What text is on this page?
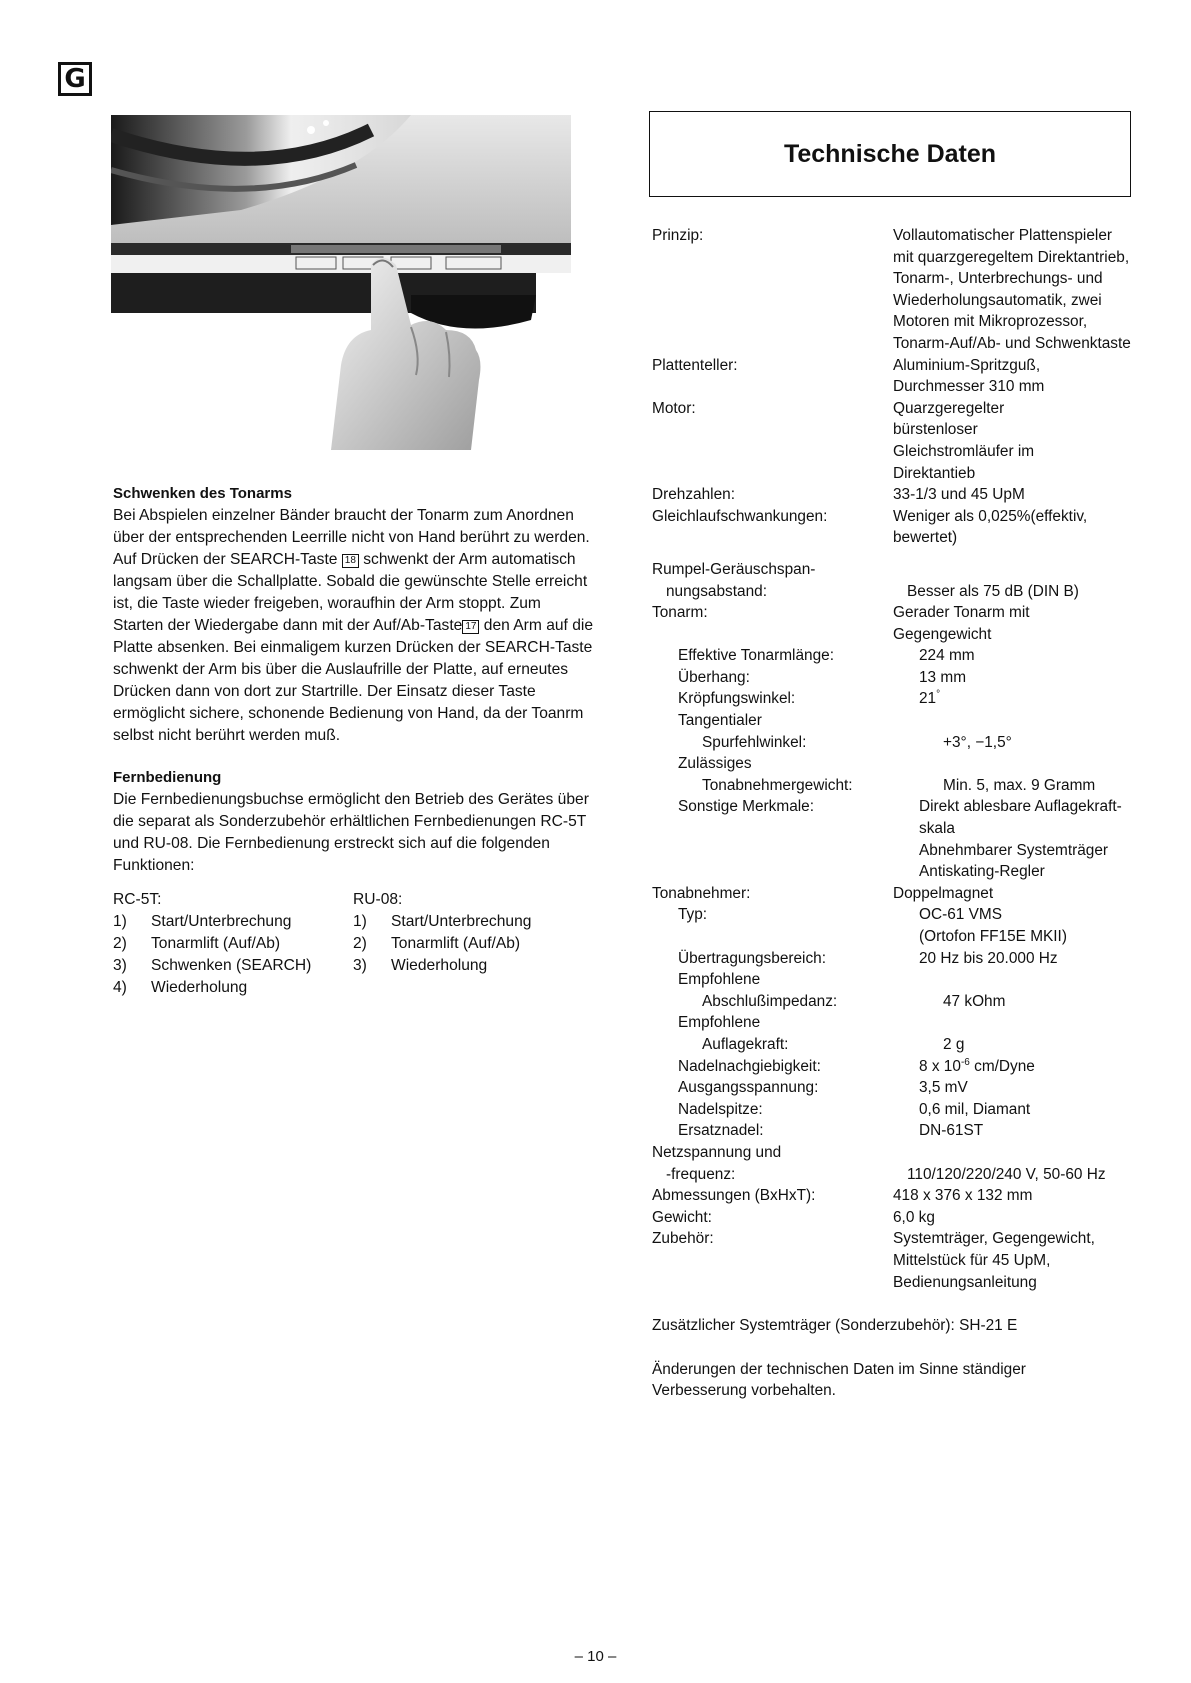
G
Schwenken des Tonarms

Bei Abspielen einzelner Bänder braucht der Tonarm zum Anordnen über der entsprechenden Leerrille nicht von Hand berührt zu werden. Auf Drücken der SEARCH-Taste 18 schwenkt der Arm automatisch langsam über die Schallplatte. Sobald die gewünschte Stelle erreicht ist, die Taste wieder freigeben, woraufhin der Arm stoppt. Zum Starten der Wiedergabe dann mit der Auf/Ab-Taste 17 den Arm auf die Platte absenken. Bei einmaligem kurzen Drücken der SEARCH-Taste schwenkt der Arm bis über die Auslaufrille der Platte, auf erneutes Drücken dann von dort zur Startrille. Der Einsatz dieser Taste ermöglicht sichere, schonende Bedienung von Hand, da der Toanrm selbst nicht berührt werden muß.

Fernbedienung

Die Fernbedienungsbuchse ermöglicht den Betrieb des Gerätes über die separat als Sonderzubehör erhältlichen Fernbedienungen RC-5T und RU-08. Die Fernbedienung erstreckt sich auf die folgenden Funktionen:

RC-5T:
1)	Start/Unterbrechung
2)	Tonarmlift (Auf/Ab)
3)	Schwenken (SEARCH)
4)	Wiederholung
RU-08:
1)	Start/Unterbrechung
2)	Tonarmlift (Auf/Ab)
3)	Wiederholung
Technische Daten
Prinzip:	Vollautomatischer Plattenspieler
mit quarzgeregeltem Direktantrieb,
Tonarm-, Unterbrechungs- und
Wiederholungsautomatik, zwei
Motoren mit Mikroprozessor,
Tonarm-Auf/Ab- und Schwenktaste
Plattenteller:	Aluminium-Spritzguß,
Durchmesser 310 mm
Motor:	Quarzgeregelter
bürstenloser
Gleichstromläufer im
Direktantieb
Drehzahlen:	33-1/3 und 45 UpM
Gleichlaufschwankungen:	Weniger als 0,025%(effektiv,
bewertet)
Rumpel-Geräuschspan-
nungsabstand:	Besser als 75 dB (DIN B)
Tonarm:	Gerader Tonarm mit
Gegengewicht
Effektive Tonarmlänge:	224 mm
Überhang:	13 mm
Kröpfungswinkel:	21°
Tangentialer
Spurfehlwinkel:	+3°, −1,5°
Zulässiges
Tonabnehmergewicht:	Min. 5, max. 9 Gramm
Sonstige Merkmale:	Direkt ablesbare Auflagekraft-
skala
Abnehmbarer Systemträger
Antiskating-Regler
Tonabnehmer:	Doppelmagnet
Typ:	OC-61 VMS
(Ortofon FF15E MKII)
Übertragungsbereich:	20 Hz bis 20.000 Hz
Empfohlene
Abschlußimpedanz:	47 kOhm
Empfohlene
Auflagekraft:	2 g
Nadelnachgiebigkeit:	8 x $10^{-6}$ cm/Dyne
Ausgangsspannung:	3,5 mV
Nadelspitze:	0,6 mil, Diamant
Ersatznadel:	DN-61ST
Netzspannung und
-frequenz:	110/120/220/240 V, 50-60 Hz
Abmessungen (BxHxT):	418 x 376 x 132 mm
Gewicht:	6,0 kg
Zubehör:	Systemträger, Gegengewicht,
Mittelstück für 45 UpM,
Bedienungsanleitung
Zusätzlicher Systemträger (Sonderzubehör): SH-21 E
Änderungen der technischen Daten im Sinne ständiger
Verbesserung vorbehalten.
– 10 –
